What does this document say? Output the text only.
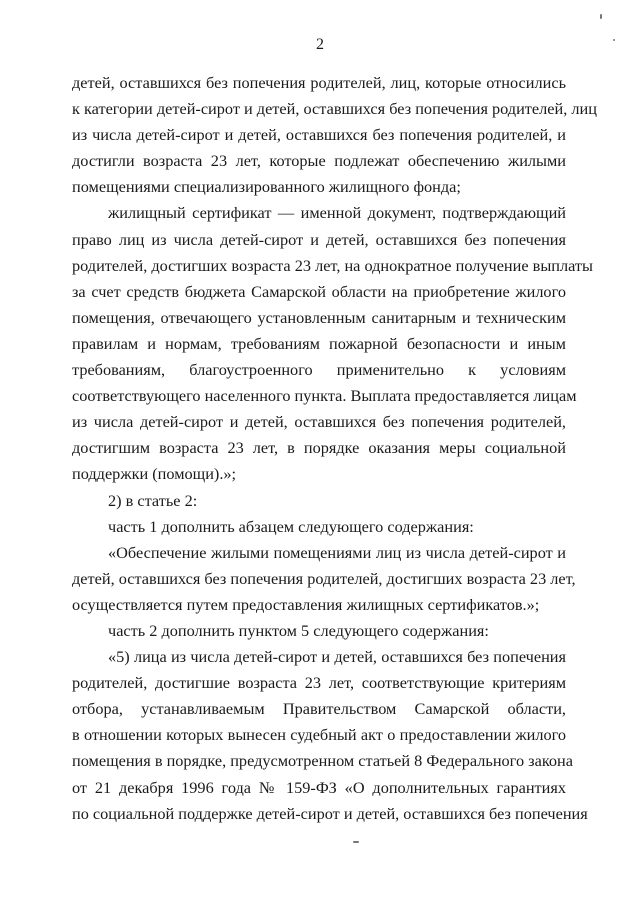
2

детей, оставшихся без попечения родителей, лиц, которые относились
к категории детей-сирот и детей, оставшихся без попечения родителей, лиц
из числа детей-сирот и детей, оставшихся без попечения родителей, и
достигли возраста 23 лет, которые подлежат обеспечению жилыми
помещениями специализированного жилищного фонда;

жилищный сертификат — именной документ, подтверждающий
право лиц из числа детей-сирот и детей, оставшихся без попечения
родителей, достигших возраста 23 лет, на однократное получение выплаты
за счет средств бюджета Самарской области на приобретение жилого
помещения, отвечающего установленным санитарным и техническим
правилам и нормам, требованиям пожарной безопасности и иным
требованиям, благоустроенного применительно к условиям
соответствующего населенного пункта. Выплата предоставляется лицам
из числа детей-сирот и детей, оставшихся без попечения родителей,
достигшим возраста 23 лет, в порядке оказания меры социальной
поддержки (помощи).»;

2) в статье 2:

часть 1 дополнить абзацем следующего содержания:

«Обеспечение жилыми помещениями лиц из числа детей-сирот и
детей, оставшихся без попечения родителей, достигших возраста 23 лет,
осуществляется путем предоставления жилищных сертификатов.»;

часть 2 дополнить пунктом 5 следующего содержания:

«5) лица из числа детей-сирот и детей, оставшихся без попечения
родителей, достигшие возраста 23 лет, соответствующие критериям
отбора, устанавливаемым Правительством Самарской области,
в отношении которых вынесен судебный акт о предоставлении жилого
помещения в порядке, предусмотренном статьей 8 Федерального закона
от 21 декабря 1996 года № 159-ФЗ «О дополнительных гарантиях
по социальной поддержке детей-сирот и детей, оставшихся без попечения
